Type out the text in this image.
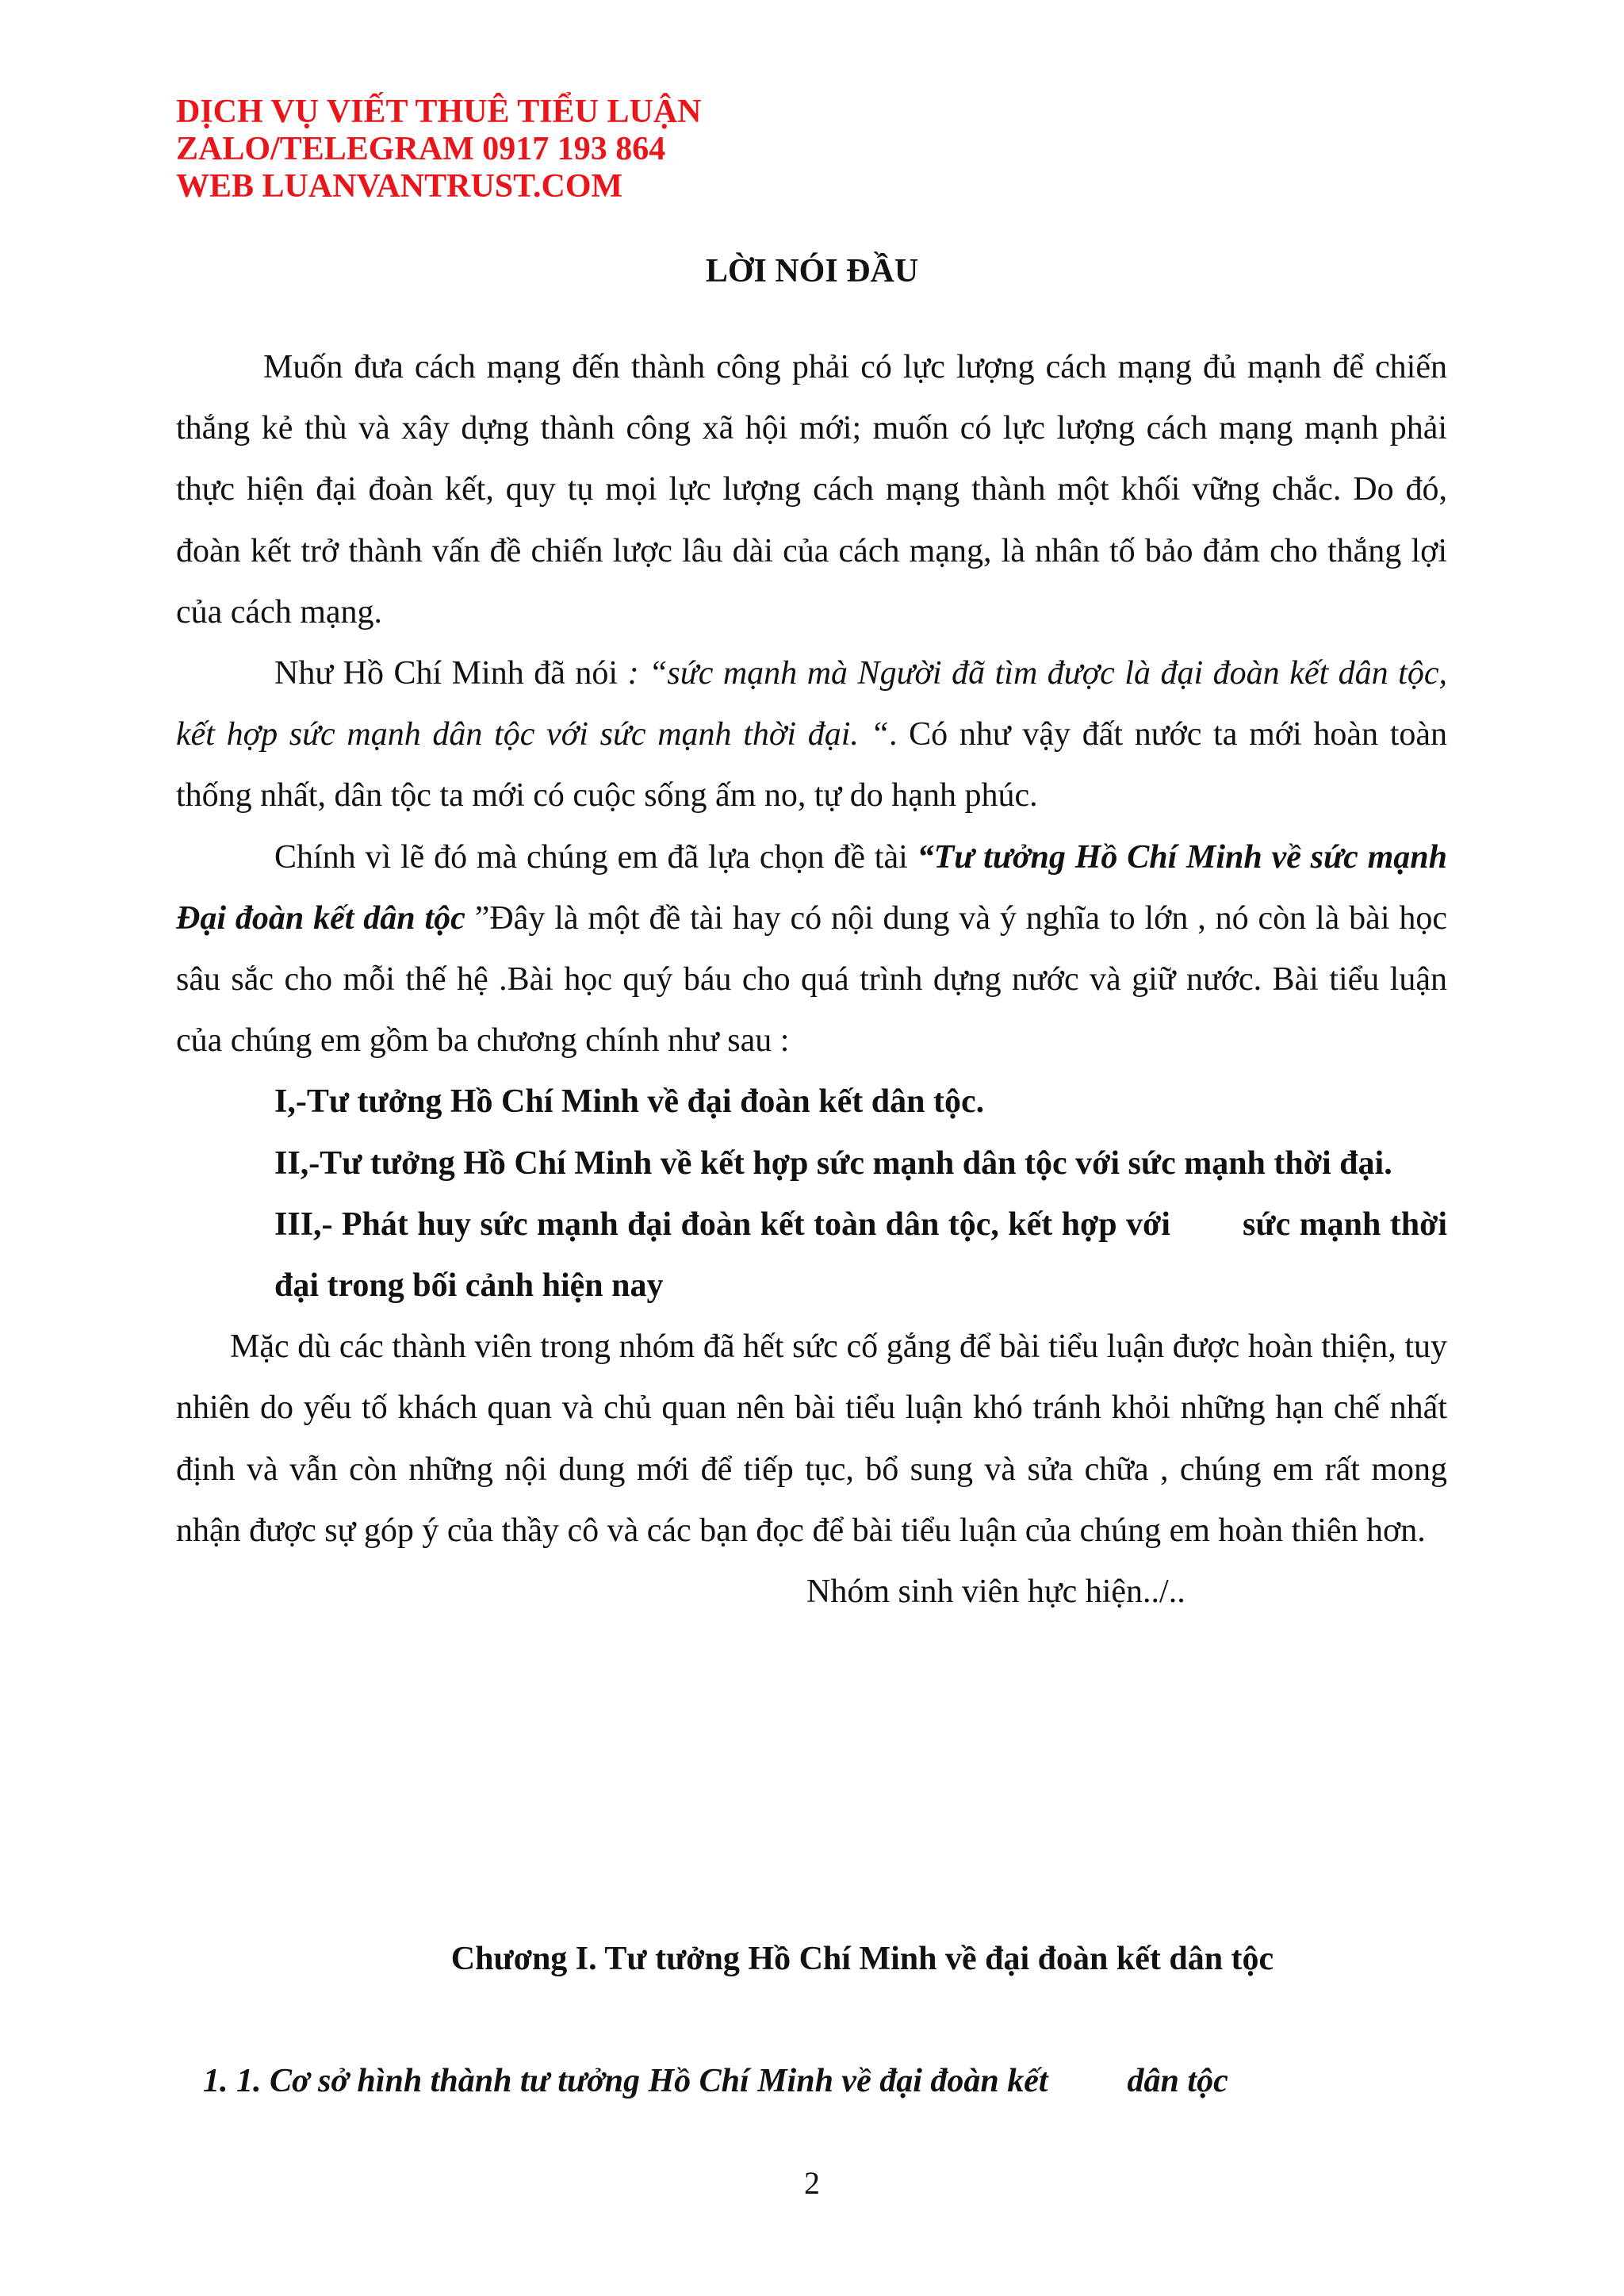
DỊCH VỤ VIẾT THUÊ TIỂU LUẬN
ZALO/TELEGRAM 0917 193 864
WEB LUANVANTRUST.COM
LỜI NÓI ĐẦU

Muốn đưa cách mạng đến thành công phải có lực lượng cách mạng đủ mạnh để chiến thắng kẻ thù và xây dựng thành công xã hội mới; muốn có lực lượng cách mạng mạnh phải thực hiện đại đoàn kết, quy tụ mọi lực lượng cách mạng thành một khối vững chắc. Do đó, đoàn kết trở thành vấn đề chiến lược lâu dài của cách mạng, là nhân tố bảo đảm cho thắng lợi của cách mạng.

Như Hồ Chí Minh đã nói : “sức mạnh mà Người đã tìm được là đại đoàn kết dân tộc, kết hợp sức mạnh dân tộc với sức mạnh thời đại. “. Có như vậy đất nước ta mới hoàn toàn thống nhất, dân tộc ta mới có cuộc sống ấm no, tự do hạnh phúc.

Chính vì lẽ đó mà chúng em đã lựa chọn đề tài “Tư tưởng Hồ Chí Minh về sức mạnh Đại đoàn kết dân tộc ”Đây là một đề tài hay có nội dung và ý nghĩa to lớn , nó còn là bài học sâu sắc cho mỗi thế hệ .Bài học quý báu cho quá trình dựng nước và giữ nước. Bài tiểu luận của chúng em gồm ba chương chính như sau :

I,-Tư tưởng Hồ Chí Minh về đại đoàn kết dân tộc.

II,-Tư tưởng Hồ Chí Minh về kết hợp sức mạnh dân tộc với sức mạnh thời đại.

III,- Phát huy sức mạnh đại đoàn kết toàn dân tộc, kết hợp với        sức mạnh thời đại trong bối cảnh hiện nay

Mặc dù các thành viên trong nhóm đã hết sức cố gắng để bài tiểu luận được hoàn thiện, tuy nhiên do yếu tố khách quan và chủ quan nên bài tiểu luận khó tránh khỏi những hạn chế nhất định và vẫn còn những nội dung mới để tiếp tục, bổ sung và sửa chữa , chúng em rất mong nhận được sự góp ý của thầy cô và các bạn đọc để bài tiểu luận của chúng em hoàn thiên hơn.

Nhóm sinh viên hực hiện../..

Chương I. Tư tưởng Hồ Chí Minh về đại đoàn kết dân tộc
1. 1. Cơ sở hình thành tư tưởng Hồ Chí Minh về đại đoàn kết dân tộc
2
